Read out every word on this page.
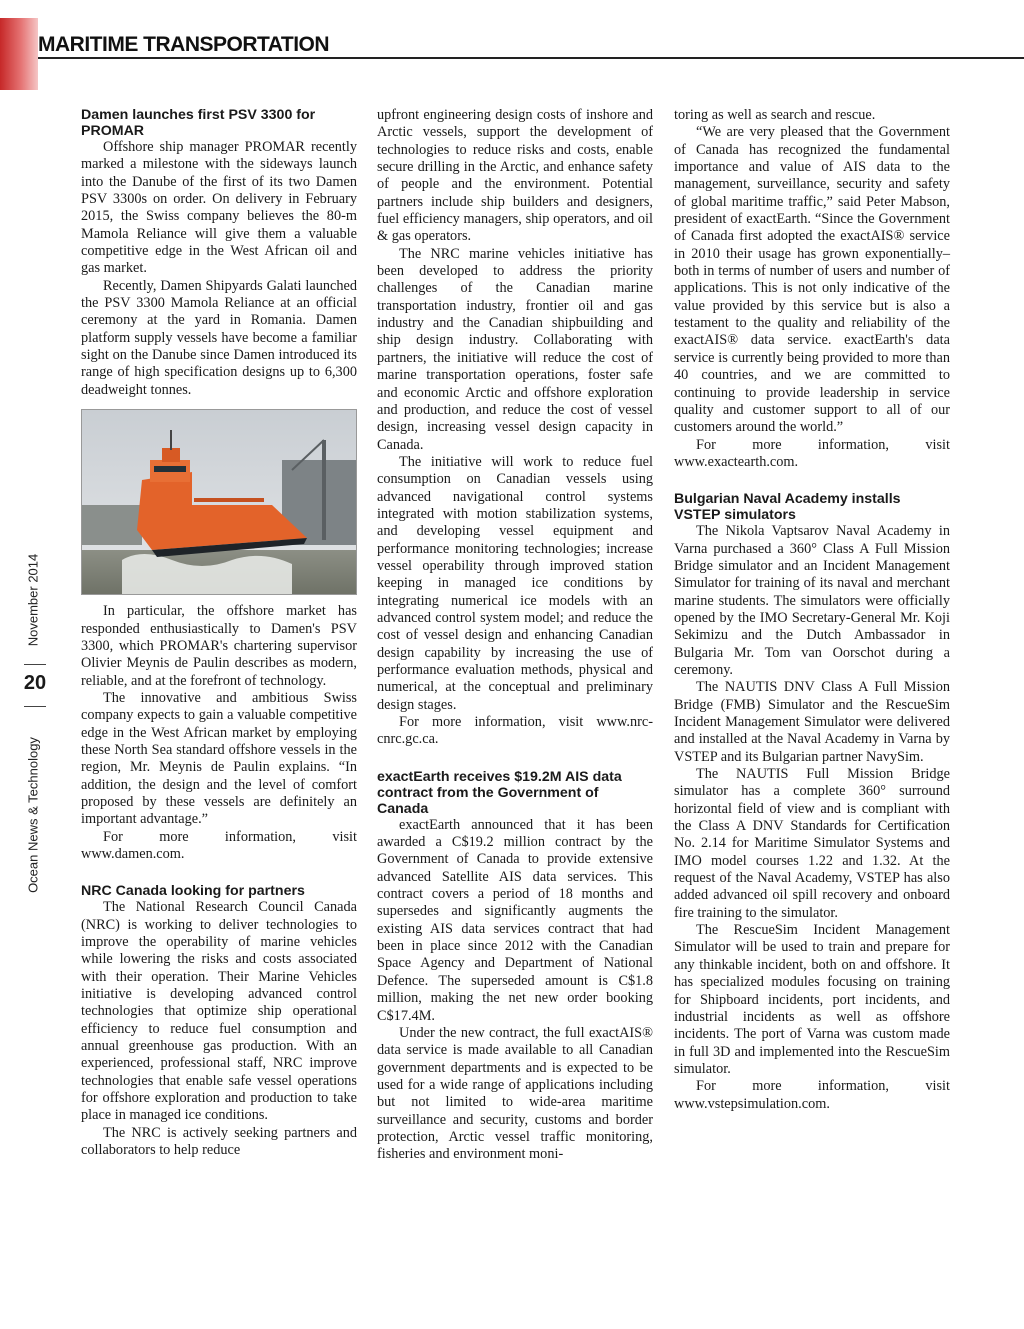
MARITIME TRANSPORTATION
November 2014
20
Ocean News & Technology
Damen launches first PSV 3300 for PROMAR

Offshore ship manager PROMAR recently marked a milestone with the sideways launch into the Danube of the first of its two Damen PSV 3300s on order. On delivery in February 2015, the Swiss company believes the 80-m Mamola Reliance will give them a valuable competitive edge in the West African oil and gas market.

Recently, Damen Shipyards Galati launched the PSV 3300 Mamola Reliance at an official ceremony at the yard in Romania. Damen platform supply vessels have become a familiar sight on the Danube since Damen introduced its range of high specification designs up to 6,300 deadweight tonnes.

In particular, the offshore market has responded enthusiastically to Damen's PSV 3300, which PROMAR's chartering supervisor Olivier Meynis de Paulin describes as modern, reliable, and at the forefront of technology.

The innovative and ambitious Swiss company expects to gain a valuable competitive edge in the West African market by employing these North Sea standard offshore vessels in the region, Mr. Meynis de Paulin explains. “In addition, the design and the level of comfort proposed by these vessels are definitely an important advantage.”

For more information, visit www.damen.com.

NRC Canada looking for partners

The National Research Council Canada (NRC) is working to deliver technologies to improve the operability of marine vehicles while lowering the risks and costs associated with their operation. Their Marine Vehicles initiative is developing advanced control technologies that optimize ship operational efficiency to reduce fuel consumption and annual greenhouse gas production. With an experienced, professional staff, NRC improve technologies that enable safe vessel operations for offshore exploration and production to take place in managed ice conditions.

The NRC is actively seeking partners and collaborators to help reduce

upfront engineering design costs of inshore and Arctic vessels, support the development of technologies to reduce risks and costs, enable secure drilling in the Arctic, and enhance safety of people and the environment. Potential partners include ship builders and designers, fuel efficiency managers, ship operators, and oil & gas operators.

The NRC marine vehicles initiative has been developed to address the priority challenges of the Canadian marine transportation industry, frontier oil and gas industry and the Canadian shipbuilding and ship design industry. Collaborating with partners, the initiative will reduce the cost of marine transportation operations, foster safe and economic Arctic and offshore exploration and production, and reduce the cost of vessel design, increasing vessel design capacity in Canada.

The initiative will work to reduce fuel consumption on Canadian vessels using advanced navigational control systems integrated with motion stabilization systems, and developing vessel equipment and performance monitoring technologies; increase vessel operability through improved station keeping in managed ice conditions by integrating numerical ice models with an advanced control system model; and reduce the cost of vessel design and enhancing Canadian design capability by increasing the use of performance evaluation methods, physical and numerical, at the conceptual and preliminary design stages.

For more information, visit www.nrc-cnrc.gc.ca.

exactEarth receives $19.2M AIS data contract from the Government of Canada

exactEarth announced that it has been awarded a C$19.2 million contract by the Government of Canada to provide extensive advanced Satellite AIS data services. This contract covers a period of 18 months and supersedes and significantly augments the existing AIS data services contract that had been in place since 2012 with the Canadian Space Agency and Department of National Defence. The superseded amount is C$1.8 million, making the net new order booking C$17.4M.

Under the new contract, the full exactAIS® data service is made available to all Canadian government departments and is expected to be used for a wide range of applications including but not limited to wide-area maritime surveillance and security, customs and border protection, Arctic vessel traffic monitoring, fisheries and environment moni-

toring as well as search and rescue.

“We are very pleased that the Government of Canada has recognized the fundamental importance and value of AIS data to the management, surveillance, security and safety of global maritime traffic,” said Peter Mabson, president of exactEarth. “Since the Government of Canada first adopted the exactAIS® service in 2010 their usage has grown exponentially–both in terms of number of users and number of applications. This is not only indicative of the value provided by this service but is also a testament to the quality and reliability of the exactAIS® data service. exactEarth's data service is currently being provided to more than 40 countries, and we are committed to continuing to provide leadership in service quality and customer support to all of our customers around the world.”

For more information, visit www.exactearth.com.

Bulgarian Naval Academy installs VSTEP simulators

The Nikola Vaptsarov Naval Academy in Varna purchased a 360° Class A Full Mission Bridge simulator and an Incident Management Simulator for training of its naval and merchant marine students. The simulators were officially opened by the IMO Secretary-General Mr. Koji Sekimizu and the Dutch Ambassador in Bulgaria Mr. Tom van Oorschot during a ceremony.

The NAUTIS DNV Class A Full Mission Bridge (FMB) Simulator and the RescueSim Incident Management Simulator were delivered and installed at the Naval Academy in Varna by VSTEP and its Bulgarian partner NavySim.

The NAUTIS Full Mission Bridge simulator has a complete 360° surround horizontal field of view and is compliant with the Class A DNV Standards for Certification No. 2.14 for Maritime Simulator Systems and IMO model courses 1.22 and 1.32. At the request of the Naval Academy, VSTEP has also added advanced oil spill recovery and onboard fire training to the simulator.

The RescueSim Incident Management Simulator will be used to train and prepare for any thinkable incident, both on and offshore. It has specialized modules focusing on training for Shipboard incidents, port incidents, and industrial incidents as well as offshore incidents. The port of Varna was custom made in full 3D and implemented into the RescueSim simulator.

For more information, visit www.vstepsimulation.com.
